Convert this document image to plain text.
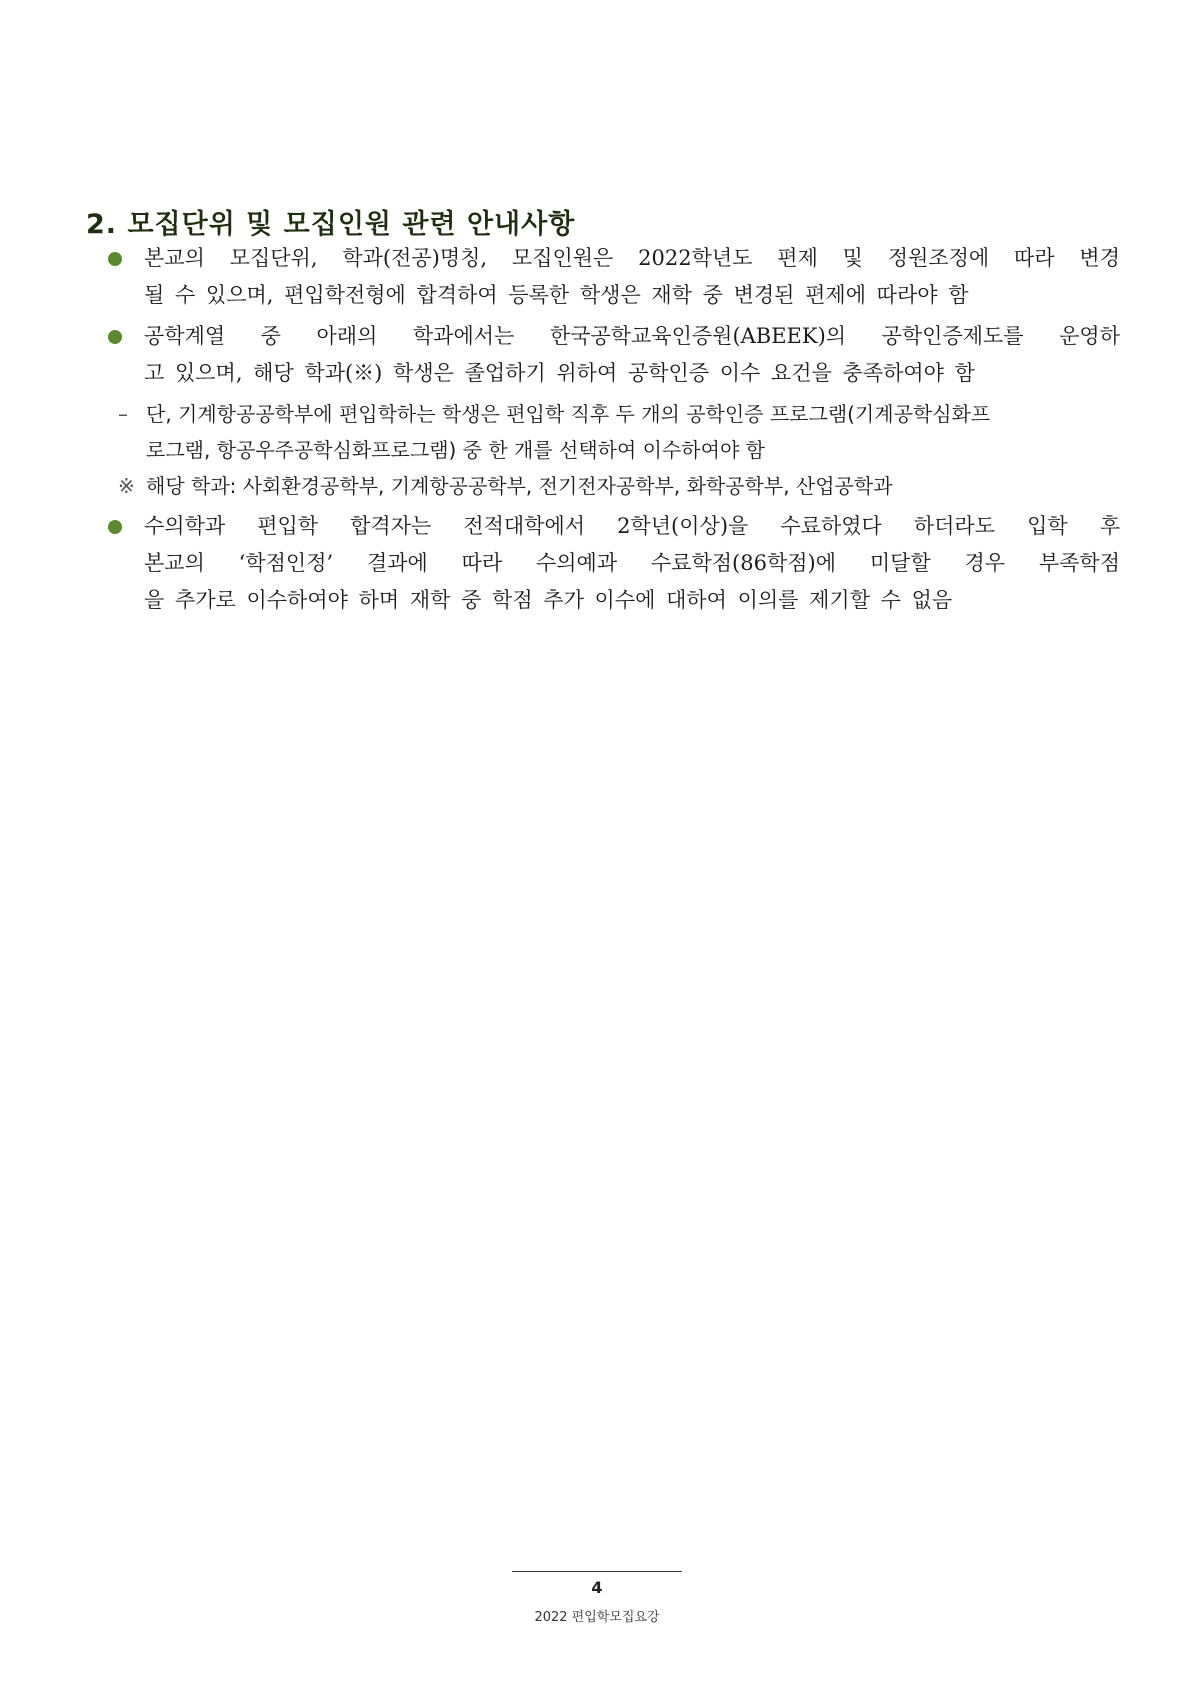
2. 모집단위 및 모집인원 관련 안내사항

본교의 모집단위, 학과(전공)명칭, 모집인원은 2022학년도 편제 및 정원조정에 따라 변경
될 수 있으며, 편입학전형에 합격하여 등록한 학생은 재학 중 변경된 편제에 따라야 함

공학계열 중 아래의 학과에서는 한국공학교육인증원(ABEEK)의 공학인증제도를 운영하
고 있으며, 해당 학과(※) 학생은 졸업하기 위하여 공학인증 이수 요건을 충족하여야 함

– 단, 기계항공공학부에 편입학하는 학생은 편입학 직후 두 개의 공학인증 프로그램(기계공학심화프
로그램, 항공우주공학심화프로그램) 중 한 개를 선택하여 이수하여야 함

※ 해당 학과: 사회환경공학부, 기계항공공학부, 전기전자공학부, 화학공학부, 산업공학과

수의학과 편입학 합격자는 전적대학에서 2학년(이상)을 수료하였다 하더라도 입학 후
본교의 ‘학점인정’ 결과에 따라 수의예과 수료학점(86학점)에 미달할 경우 부족학점
을 추가로 이수하여야 하며 재학 중 학점 추가 이수에 대하여 이의를 제기할 수 없음

4
2022 편입학모집요강
